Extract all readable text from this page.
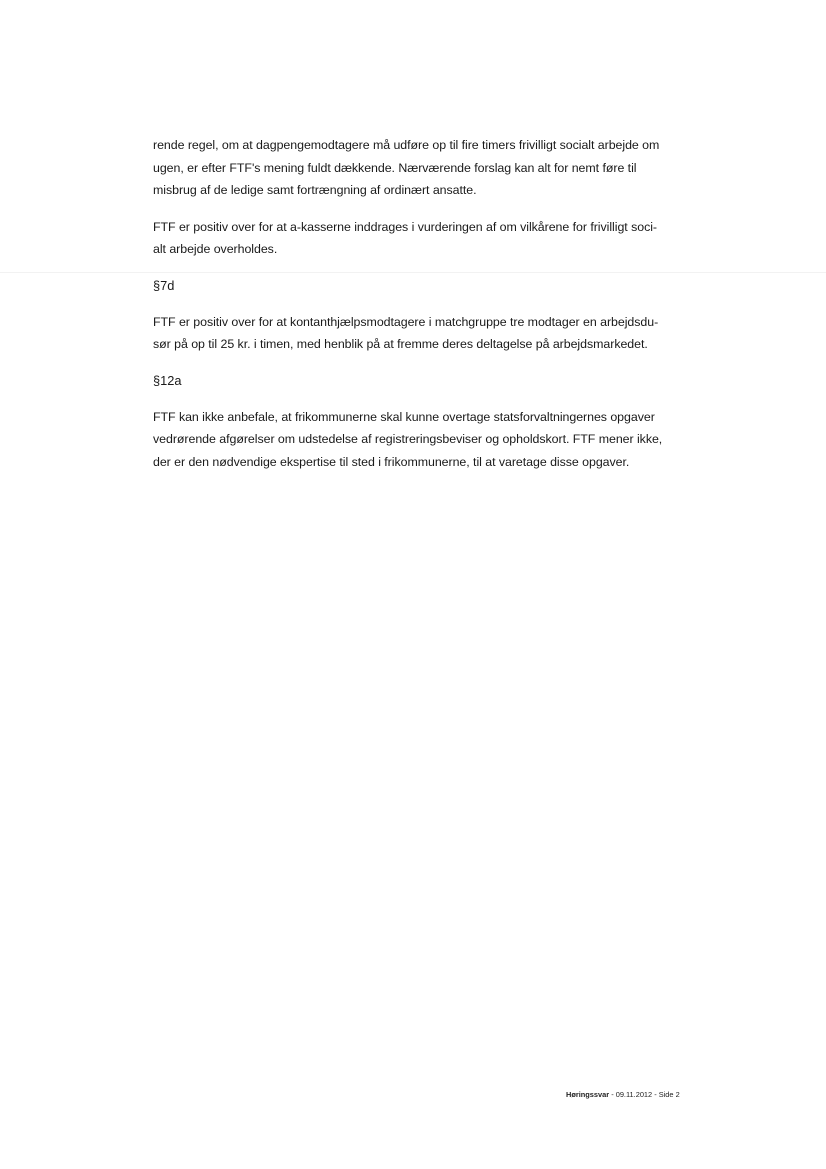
rende regel, om at dagpengemodtagere må udføre op til fire timers frivilligt socialt arbejde om
ugen, er efter FTF's mening fuldt dækkende. Nærværende forslag kan alt for nemt føre til
misbrug af de ledige samt fortrængning af ordinært ansatte.

FTF er positiv over for at a-kasserne inddrages i vurderingen af om vilkårene for frivilligt soci-
alt arbejde overholdes.

§7d

FTF er positiv over for at kontanthjælpsmodtagere i matchgruppe tre modtager en arbejdsdu-
sør på op til 25 kr. i timen, med henblik på at fremme deres deltagelse på arbejdsmarkedet.

§12a

FTF kan ikke anbefale, at frikommunerne skal kunne overtage statsforvaltningernes opgaver
vedrørende afgørelser om udstedelse af registreringsbeviser og opholdskort. FTF mener ikke,
der er den nødvendige ekspertise til sted i frikommunerne, til at varetage disse opgaver.

Høringssvar - 09.11.2012 - Side 2
